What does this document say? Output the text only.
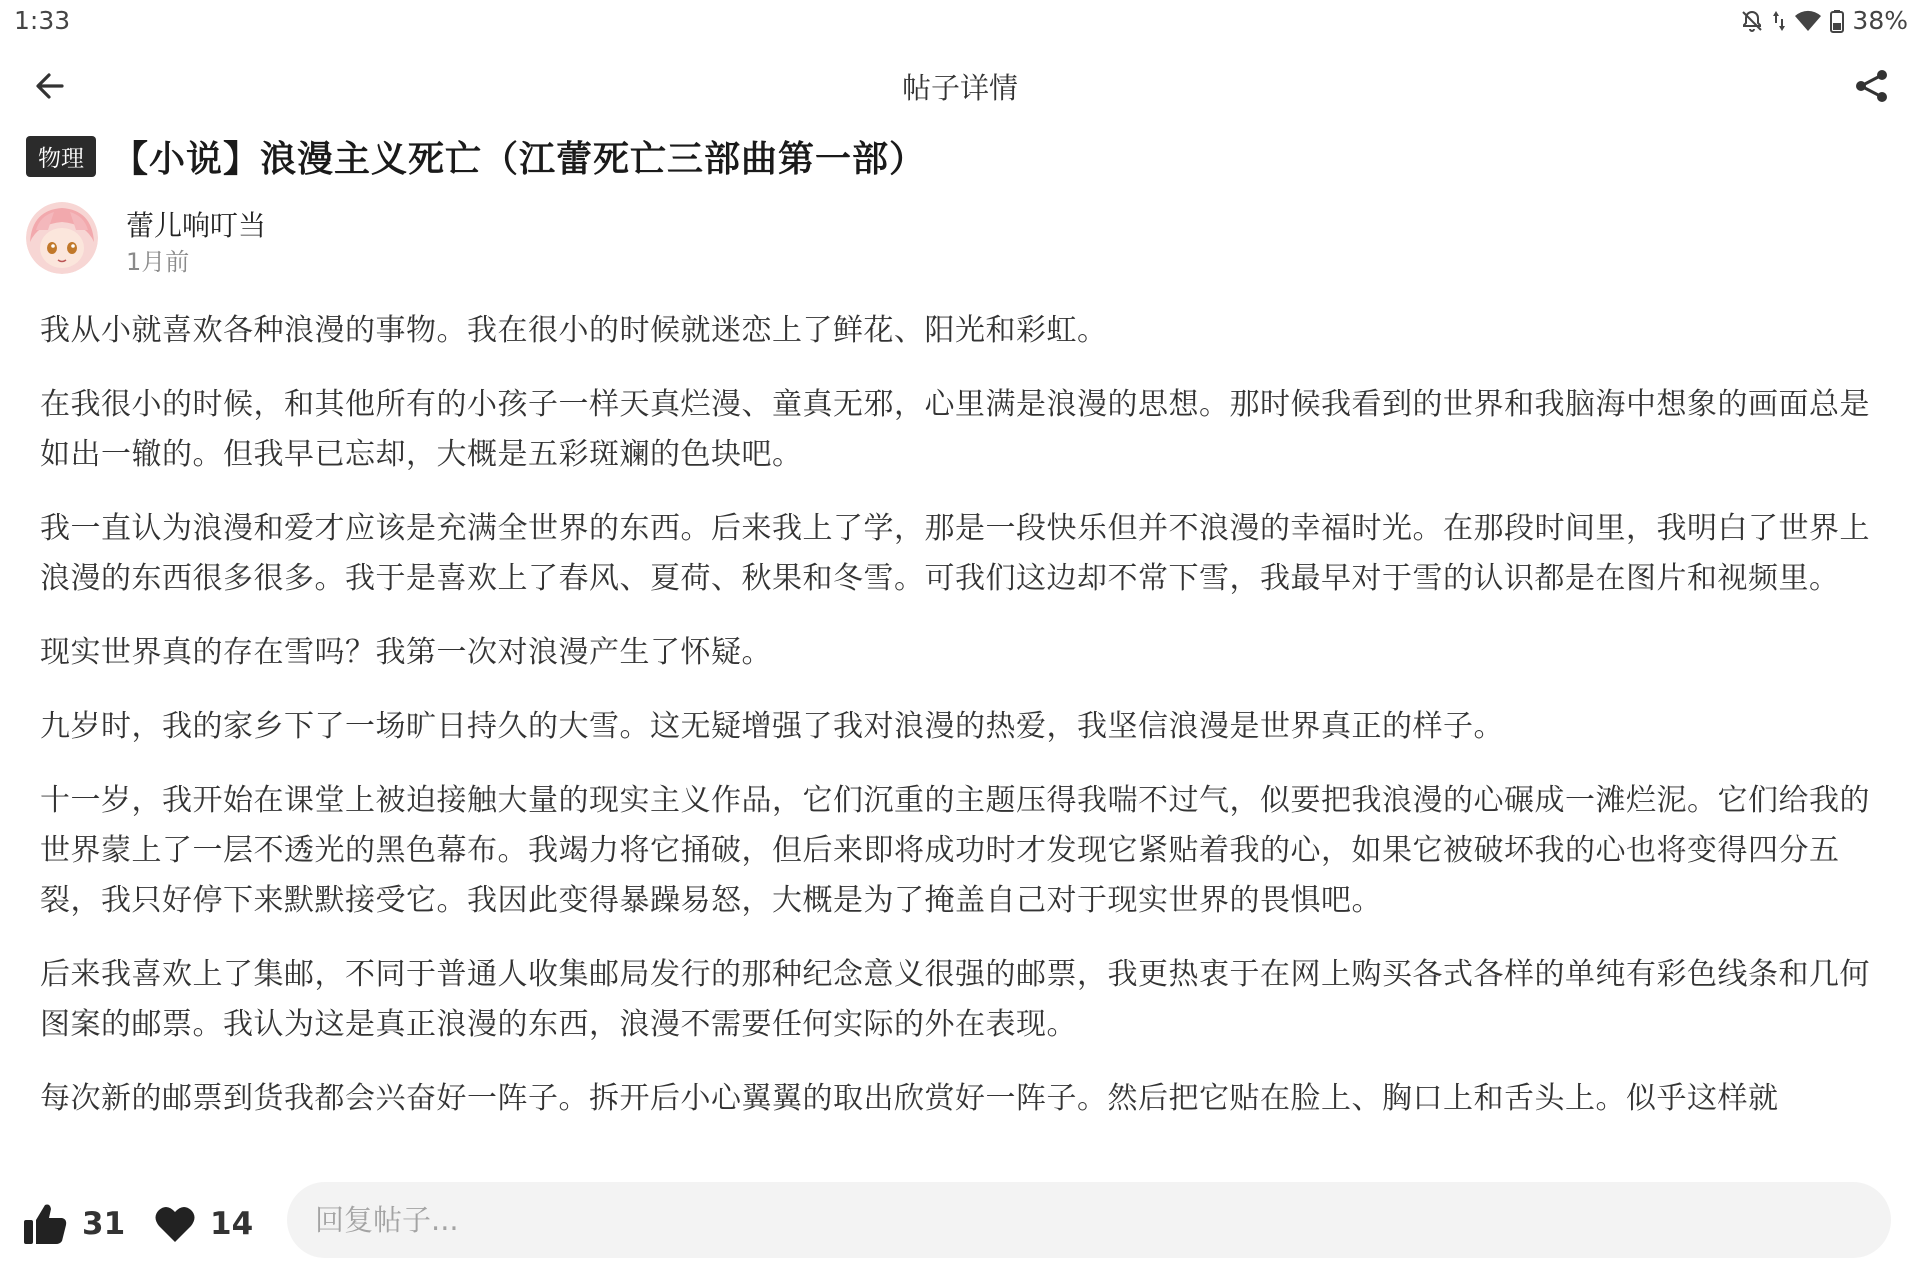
1:33	38%
帖子详情
物理 【小说】浪漫主义死亡（江蕾死亡三部曲第一部）
蕾儿响叮当
1月前

我从小就喜欢各种浪漫的事物。我在很小的时候就迷恋上了鲜花、阳光和彩虹。

在我很小的时候，和其他所有的小孩子一样天真烂漫、童真无邪，心里满是浪漫的思想。那时候我看到的世界和我脑海中想象的画面总是如出一辙的。但我早已忘却，大概是五彩斑斓的色块吧。

我一直认为浪漫和爱才应该是充满全世界的东西。后来我上了学，那是一段快乐但并不浪漫的幸福时光。在那段时间里，我明白了世界上浪漫的东西很多很多。我于是喜欢上了春风、夏荷、秋果和冬雪。可我们这边却不常下雪，我最早对于雪的认识都是在图片和视频里。

现实世界真的存在雪吗？我第一次对浪漫产生了怀疑。

九岁时，我的家乡下了一场旷日持久的大雪。这无疑增强了我对浪漫的热爱，我坚信浪漫是世界真正的样子。

十一岁，我开始在课堂上被迫接触大量的现实主义作品，它们沉重的主题压得我喘不过气，似要把我浪漫的心碾成一滩烂泥。它们给我的世界蒙上了一层不透光的黑色幕布。我竭力将它捅破，但后来即将成功时才发现它紧贴着我的心，如果它被破坏我的心也将变得四分五裂，我只好停下来默默接受它。我因此变得暴躁易怒，大概是为了掩盖自己对于现实世界的畏惧吧。

后来我喜欢上了集邮，不同于普通人收集邮局发行的那种纪念意义很强的邮票，我更热衷于在网上购买各式各样的单纯有彩色线条和几何图案的邮票。我认为这是真正浪漫的东西，浪漫不需要任何实际的外在表现。

每次新的邮票到货我都会兴奋好一阵子。拆开后小心翼翼的取出欣赏好一阵子。然后把它贴在脸上、胸口上和舌头上。似乎这样就

31	14
回复帖子...
